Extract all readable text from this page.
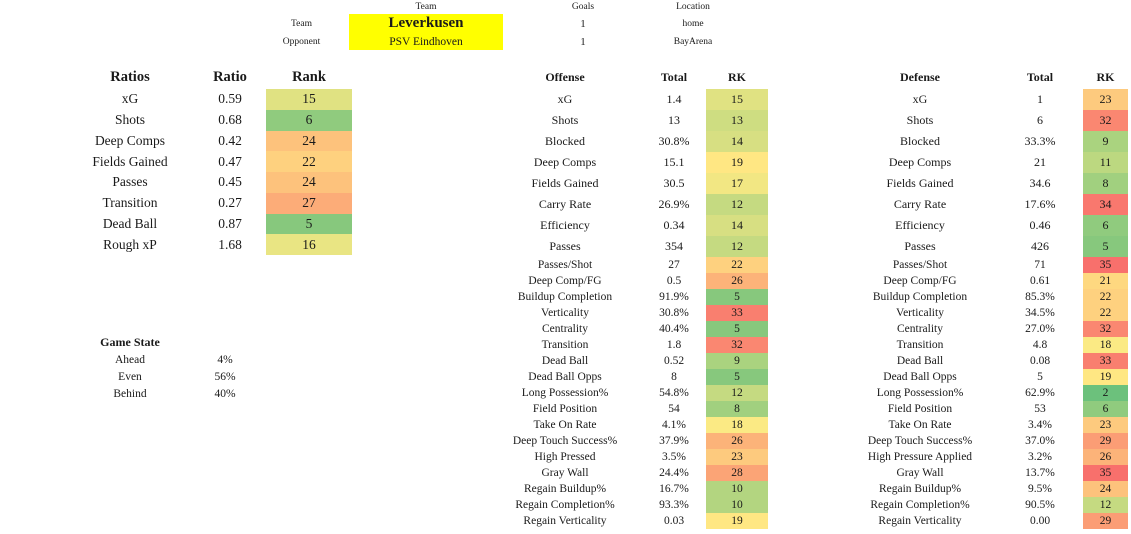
Team	Goals	Location
Team	Leverkusen	1	home
Opponent	PSV Eindhoven	1	BayArena
Ratios	Ratio	Rank
xG	0.59	15
Shots	0.68	6
Deep Comps	0.42	24
Fields Gained	0.47	22
Passes	0.45	24
Transition	0.27	27
Dead Ball	0.87	5
Rough xP	1.68	16
Game State
Ahead	4%
Even	56%
Behind	40%
Offense	Total	RK
xG	1.4	15
Shots	13	13
Blocked	30.8%	14
Deep Comps	15.1	19
Fields Gained	30.5	17
Carry Rate	26.9%	12
Efficiency	0.34	14
Passes	354	12
Passes/Shot	27	22
Deep Comp/FG	0.5	26
Buildup Completion	91.9%	5
Verticality	30.8%	33
Centrality	40.4%	5
Transition	1.8	32
Dead Ball	0.52	9
Dead Ball Opps	8	5
Long Possession%	54.8%	12
Field Position	54	8
Take On Rate	4.1%	18
Deep Touch Success%	37.9%	26
High Pressed	3.5%	23
Gray Wall	24.4%	28
Regain Buildup%	16.7%	10
Regain Completion%	93.3%	10
Regain Verticality	0.03	19
Defense	Total	RK
xG	1	23
Shots	6	32
Blocked	33.3%	9
Deep Comps	21	11
Fields Gained	34.6	8
Carry Rate	17.6%	34
Efficiency	0.46	6
Passes	426	5
Passes/Shot	71	35
Deep Comp/FG	0.61	21
Buildup Completion	85.3%	22
Verticality	34.5%	22
Centrality	27.0%	32
Transition	4.8	18
Dead Ball	0.08	33
Dead Ball Opps	5	19
Long Possession%	62.9%	2
Field Position	53	6
Take On Rate	3.4%	23
Deep Touch Success%	37.0%	29
High Pressure Applied	3.2%	26
Gray Wall	13.7%	35
Regain Buildup%	9.5%	24
Regain Completion%	90.5%	12
Regain Verticality	0.00	29
